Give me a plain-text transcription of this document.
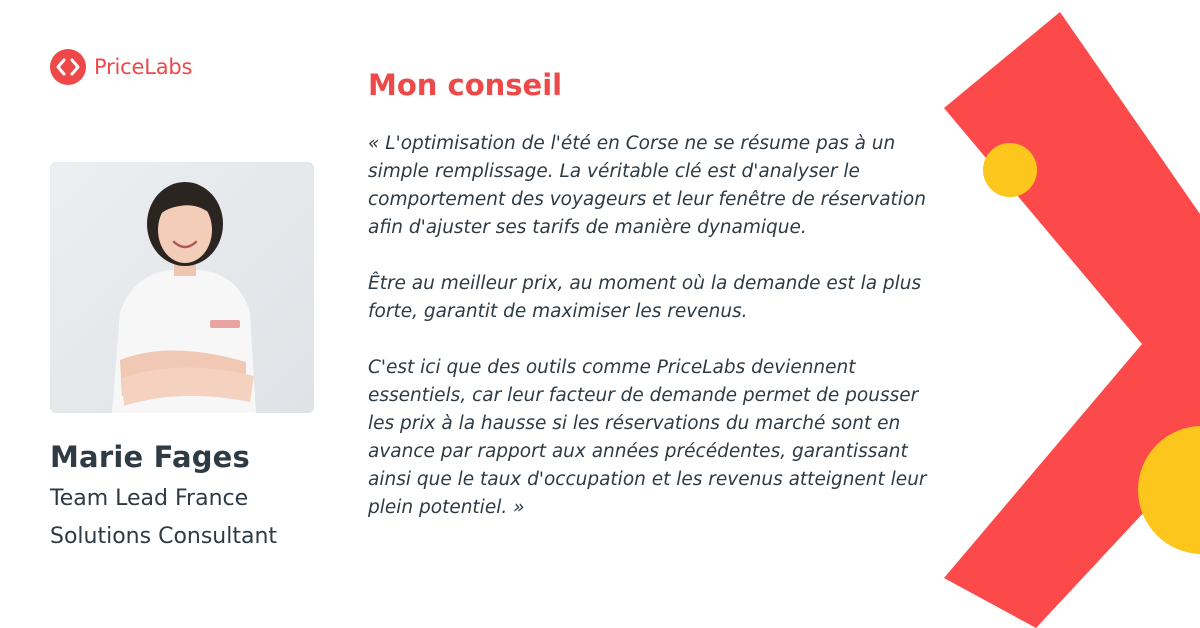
PriceLabs
Marie Fages
Team Lead France
Solutions Consultant
Mon conseil

« L'optimisation de l'été en Corse ne se résume pas à un simple remplissage. La véritable clé est d'analyser le comportement des voyageurs et leur fenêtre de réservation afin d'ajuster ses tarifs de manière dynamique.

Être au meilleur prix, au moment où la demande est la plus forte, garantit de maximiser les revenus.

C'est ici que des outils comme PriceLabs deviennent essentiels, car leur facteur de demande permet de pousser les prix à la hausse si les réservations du marché sont en avance par rapport aux années précédentes, garantissant ainsi que le taux d'occupation et les revenus atteignent leur plein potentiel. »
